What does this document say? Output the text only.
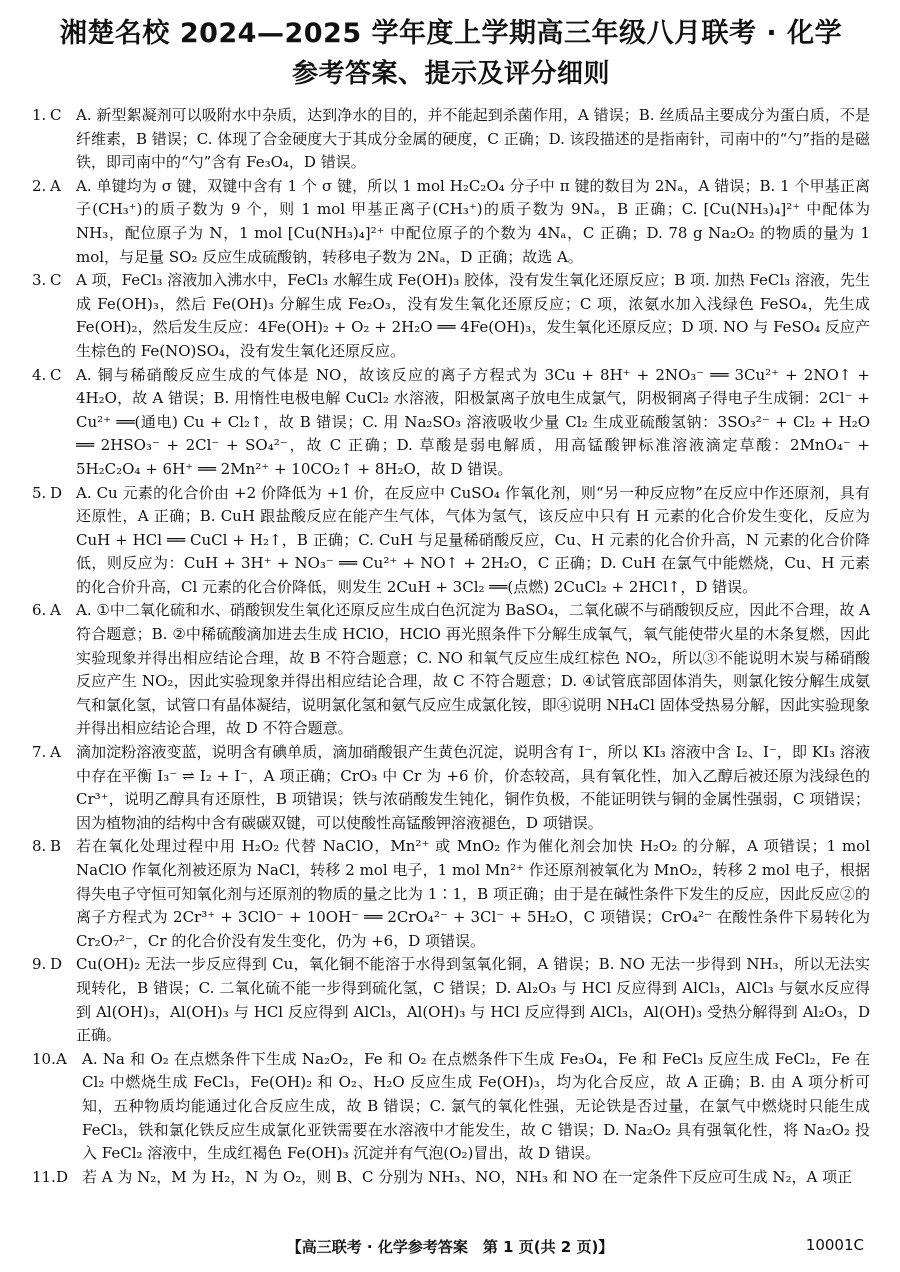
湘楚名校 2024—2025 学年度上学期高三年级八月联考 · 化学
参考答案、提示及评分细则
1. C A. 新型絮凝剂可以吸附水中杂质，达到净水的目的，并不能起到杀菌作用，A 错误；B. 丝质品主要成分为蛋白质，不是纤维素，B 错误；C. 体现了合金硬度大于其成分金属的硬度，C 正确；D. 该段描述的是指南针，司南中的“勺”指的是磁铁，即司南中的“勺”含有 Fe₃O₄，D 错误。
2. A	A. 单键均为 σ 键，双键中含有 1 个 σ 键，所以 1 mol H₂C₂O₄ 分子中 π 键的数目为 2Nₐ，A 错误；B. 1 个甲基正离子(CH₃⁺)的质子数为 9 个，则 1 mol 甲基正离子(CH₃⁺)的质子数为 9Nₐ，B 正确；C. [Cu(NH₃)₄]²⁺ 中配体为 NH₃，配位原子为 N，1 mol [Cu(NH₃)₄]²⁺ 中配位原子的个数为 4Nₐ，C 正确；D. 78 g Na₂O₂ 的物质的量为 1 mol，与足量 SO₂ 反应生成硫酸钠，转移电子数为 2Nₐ，D 正确；故选 A。
3. C A 项，FeCl₃ 溶液加入沸水中，FeCl₃ 水解生成 Fe(OH)₃ 胶体，没有发生氧化还原反应；B 项. 加热 FeCl₃ 溶液，先生成 Fe(OH)₃，然后 Fe(OH)₃ 分解生成 Fe₂O₃，没有发生氧化还原反应；C 项，浓氨水加入浅绿色 FeSO₄，先生成 Fe(OH)₂，然后发生反应：4Fe(OH)₂ + O₂ + 2H₂O ══ 4Fe(OH)₃，发生氧化还原反应；D 项. NO 与 FeSO₄ 反应产生棕色的 Fe(NO)SO₄，没有发生氧化还原反应。
4. C A. 铜与稀硝酸反应生成的气体是 NO，故该反应的离子方程式为 3Cu + 8H⁺ + 2NO₃⁻ ══ 3Cu²⁺ + 2NO↑ + 4H₂O，故 A 错误；B. 用惰性电极电解 CuCl₂ 水溶液，阳极氯离子放电生成氯气，阴极铜离子得电子生成铜：2Cl⁻ + Cu²⁺ ══(通电) Cu + Cl₂↑，故 B 错误；C. 用 Na₂SO₃ 溶液吸收少量 Cl₂ 生成亚硫酸氢钠：3SO₃²⁻ + Cl₂ + H₂O ══ 2HSO₃⁻ + 2Cl⁻ + SO₄²⁻，故 C 正确；D. 草酸是弱电解质，用高锰酸钾标准溶液滴定草酸：2MnO₄⁻ + 5H₂C₂O₄ + 6H⁺ ══ 2Mn²⁺ + 10CO₂↑ + 8H₂O，故 D 错误。
5. D A. Cu 元素的化合价由 +2 价降低为 +1 价，在反应中 CuSO₄ 作氧化剂，则“另一种反应物”在反应中作还原剂，具有还原性，A 正确；B. CuH 跟盐酸反应在能产生气体，气体为氢气，该反应中只有 H 元素的化合价发生变化，反应为 CuH + HCl ══ CuCl + H₂↑，B 正确；C. CuH 与足量稀硝酸反应，Cu、H 元素的化合价升高，N 元素的化合价降低，则反应为：CuH + 3H⁺ + NO₃⁻ ══ Cu²⁺ + NO↑ + 2H₂O，C 正确；D. CuH 在氯气中能燃烧，Cu、H 元素的化合价升高，Cl 元素的化合价降低，则发生 2CuH + 3Cl₂ ══(点燃) 2CuCl₂ + 2HCl↑，D 错误。
6. A	A. ①中二氧化硫和水、硝酸钡发生氧化还原反应生成白色沉淀为 BaSO₄，二氧化碳不与硝酸钡反应，因此不合理，故 A 符合题意；B. ②中稀硫酸滴加进去生成 HClO，HClO 再光照条件下分解生成氧气，氧气能使带火星的木条复燃，因此实验现象并得出相应结论合理，故 B 不符合题意；C. NO 和氧气反应生成红棕色 NO₂，所以③不能说明木炭与稀硝酸反应产生 NO₂，因此实验现象并得出相应结论合理，故 C 不符合题意；D. ④试管底部固体消失，则氯化铵分解生成氨气和氯化氢，试管口有晶体凝结，说明氯化氢和氨气反应生成氯化铵，即④说明 NH₄Cl 固体受热易分解，因此实验现象并得出相应结论合理，故 D 不符合题意。
7. A	滴加淀粉溶液变蓝，说明含有碘单质，滴加硝酸银产生黄色沉淀，说明含有 I⁻，所以 KI₃ 溶液中含 I₂、I⁻，即 KI₃ 溶液中存在平衡 I₃⁻ ⇌ I₂ + I⁻，A 项正确；CrO₃ 中 Cr 为 +6 价，价态较高，具有氧化性，加入乙醇后被还原为浅绿色的 Cr³⁺，说明乙醇具有还原性，B 项错误；铁与浓硝酸发生钝化，铜作负极，不能证明铁与铜的金属性强弱，C 项错误；因为植物油的结构中含有碳碳双键，可以使酸性高锰酸钾溶液褪色，D 项错误。
8. B 若在氧化处理过程中用 H₂O₂ 代替 NaClO，Mn²⁺ 或 MnO₂ 作为催化剂会加快 H₂O₂ 的分解，A 项错误；1 mol NaClO 作氧化剂被还原为 NaCl，转移 2 mol 电子，1 mol Mn²⁺ 作还原剂被氧化为 MnO₂，转移 2 mol 电子，根据得失电子守恒可知氧化剂与还原剂的物质的量之比为 1∶1，B 项正确；由于是在碱性条件下发生的反应，因此反应②的离子方程式为 2Cr³⁺ + 3ClO⁻ + 10OH⁻ ══ 2CrO₄²⁻ + 3Cl⁻ + 5H₂O，C 项错误；CrO₄²⁻ 在酸性条件下易转化为 Cr₂O₇²⁻，Cr 的化合价没有发生变化，仍为 +6，D 项错误。
9. D Cu(OH)₂ 无法一步反应得到 Cu，氧化铜不能溶于水得到氢氧化铜，A 错误；B. NO 无法一步得到 NH₃，所以无法实现转化，B 错误；C. 二氧化硫不能一步得到硫化氢，C 错误；D. Al₂O₃ 与 HCl 反应得到 AlCl₃，AlCl₃ 与氨水反应得到 Al(OH)₃，Al(OH)₃ 与 HCl 反应得到 AlCl₃，Al(OH)₃ 与 HCl 反应得到 AlCl₃，Al(OH)₃ 受热分解得到 Al₂O₃，D 正确。
10. A	A. Na 和 O₂ 在点燃条件下生成 Na₂O₂，Fe 和 O₂ 在点燃条件下生成 Fe₃O₄，Fe 和 FeCl₃ 反应生成 FeCl₂，Fe 在 Cl₂ 中燃烧生成 FeCl₃，Fe(OH)₂ 和 O₂、H₂O 反应生成 Fe(OH)₃，均为化合反应，故 A 正确；B. 由 A 项分析可知，五种物质均能通过化合反应生成，故 B 错误；C. 氯气的氧化性强，无论铁是否过量，在氯气中燃烧时只能生成 FeCl₃，铁和氯化铁反应生成氯化亚铁需要在水溶液中才能发生，故 C 错误；D. Na₂O₂ 具有强氧化性，将 Na₂O₂ 投入 FeCl₂ 溶液中，生成红褐色 Fe(OH)₃ 沉淀并有气泡(O₂)冒出，故 D 错误。
11. D 若 A 为 N₂，M 为 H₂，N 为 O₂，则 B、C 分别为 NH₃、NO，NH₃ 和 NO 在一定条件下反应可生成 N₂，A 项正
【高三联考 · 化学参考答案　第 1 页(共 2 页)】	10001C
